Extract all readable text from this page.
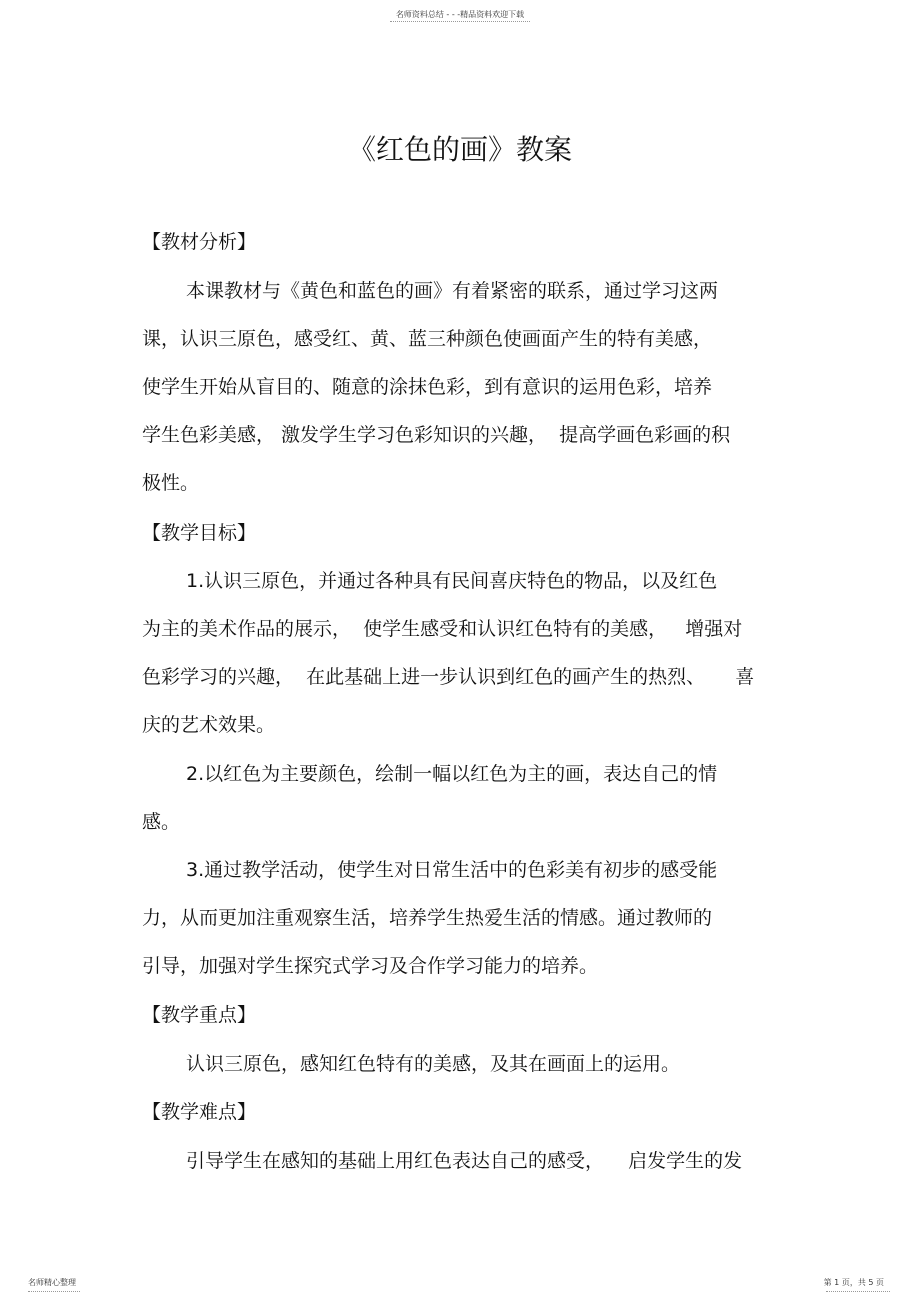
名师资料总结 - - -精品资料欢迎下载
《红色的画》教案
【教材分析】
本课教材与《黄色和蓝色的画》有着紧密的联系，通过学习这两
课，认识三原色，感受红、黄、蓝三种颜色使画面产生的特有美感，
使学生开始从盲目的、随意的涂抹色彩，到有意识的运用色彩，培养
学生色彩美感， 激发学生学习色彩知识的兴趣，  提高学画色彩画的积
极性。
【教学目标】
1.认识三原色，并通过各种具有民间喜庆特色的物品，以及红色
为主的美术作品的展示，  使学生感受和认识红色特有的美感，   增强对
色彩学习的兴趣，  在此基础上进一步认识到红色的画产生的热烈、     喜
庆的艺术效果。
2.以红色为主要颜色，绘制一幅以红色为主的画，表达自己的情
感。
3.通过教学活动，使学生对日常生活中的色彩美有初步的感受能
力，从而更加注重观察生活，培养学生热爱生活的情感。通过教师的
引导，加强对学生探究式学习及合作学习能力的培养。
【教学重点】
认识三原色，感知红色特有的美感，及其在画面上的运用。
【教学难点】
引导学生在感知的基础上用红色表达自己的感受，    启发学生的发
名师精心整理	第 1 页，共 5 页
